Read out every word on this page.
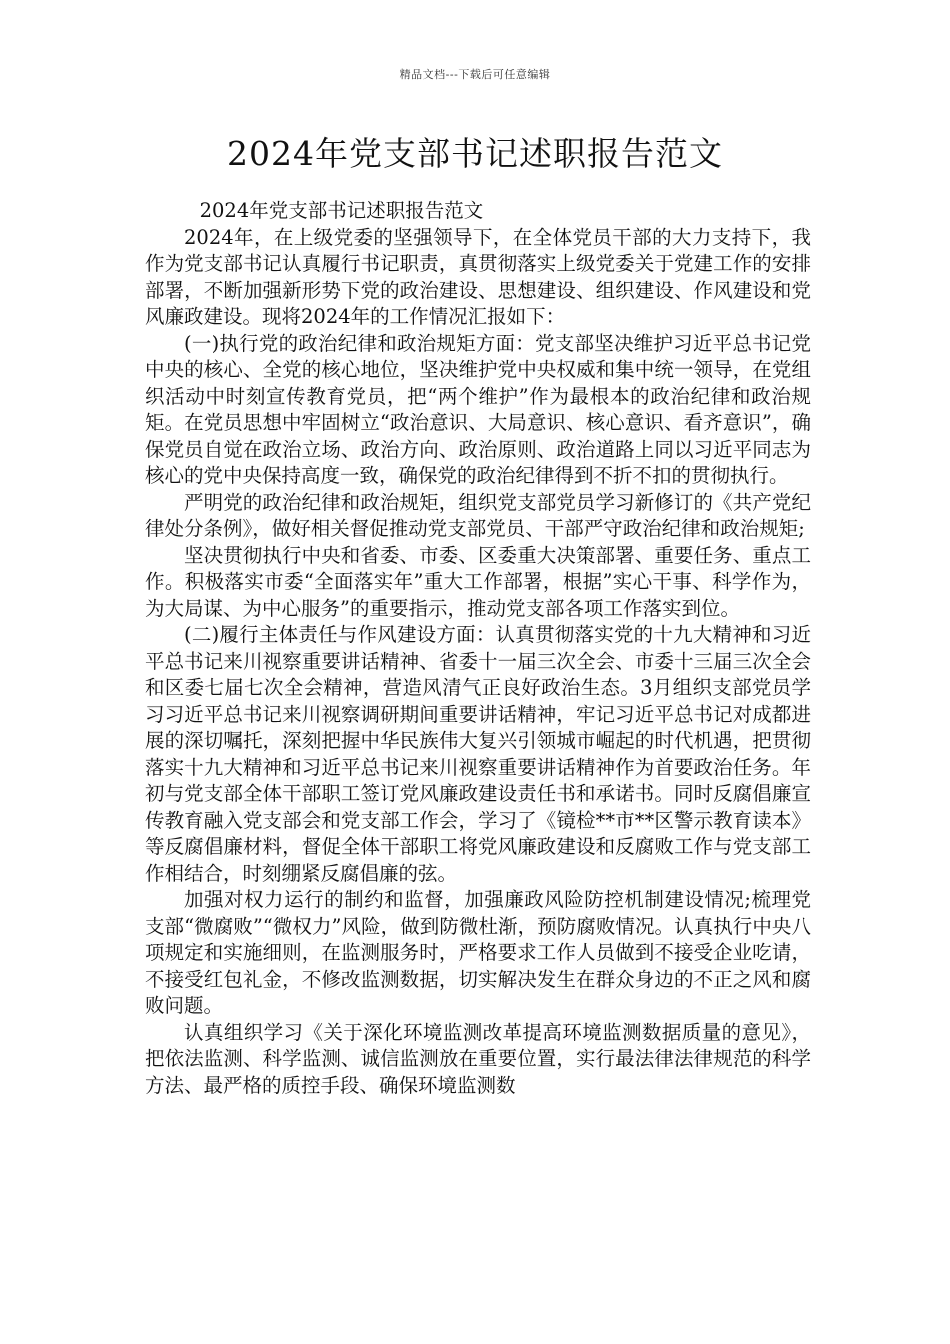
精品文档---下载后可任意编辑
2024年党支部书记述职报告范文

2024年党支部书记述职报告范文

2024年，在上级党委的坚强领导下，在全体党员干部的大力支持下，我作为党支部书记认真履行书记职责，真贯彻落实上级党委关于党建工作的安排部署，不断加强新形势下党的政治建设、思想建设、组织建设、作风建设和党风廉政建设。现将2024年的工作情况汇报如下：

(一)执行党的政治纪律和政治规矩方面：党支部坚决维护习近平总书记党中央的核心、全党的核心地位，坚决维护党中央权威和集中统一领导，在党组织活动中时刻宣传教育党员，把“两个维护”作为最根本的政治纪律和政治规矩。在党员思想中牢固树立“政治意识、大局意识、核心意识、看齐意识”，确保党员自觉在政治立场、政治方向、政治原则、政治道路上同以习近平同志为核心的党中央保持高度一致，确保党的政治纪律得到不折不扣的贯彻执行。

严明党的政治纪律和政治规矩，组织党支部党员学习新修订的《共产党纪律处分条例》，做好相关督促推动党支部党员、干部严守政治纪律和政治规矩;

坚决贯彻执行中央和省委、市委、区委重大决策部署、重要任务、重点工作。积极落实市委“全面落实年”重大工作部署，根据”实心干事、科学作为，为大局谋、为中心服务”的重要指示，推动党支部各项工作落实到位。

(二)履行主体责任与作风建设方面：认真贯彻落实党的十九大精神和习近平总书记来川视察重要讲话精神、省委十一届三次全会、市委十三届三次全会和区委七届七次全会精神，营造风清气正良好政治生态。3月组织支部党员学习习近平总书记来川视察调研期间重要讲话精神，牢记习近平总书记对成都进展的深切嘱托，深刻把握中华民族伟大复兴引领城市崛起的时代机遇，把贯彻落实十九大精神和习近平总书记来川视察重要讲话精神作为首要政治任务。年初与党支部全体干部职工签订党风廉政建设责任书和承诺书。同时反腐倡廉宣传教育融入党支部会和党支部工作会，学习了《镜检**市**区警示教育读本》等反腐倡廉材料，督促全体干部职工将党风廉政建设和反腐败工作与党支部工作相结合，时刻绷紧反腐倡廉的弦。

加强对权力运行的制约和监督，加强廉政风险防控机制建设情况;梳理党支部“微腐败”“微权力”风险，做到防微杜渐，预防腐败情况。认真执行中央八项规定和实施细则，在监测服务时，严格要求工作人员做到不接受企业吃请，不接受红包礼金，不修改监测数据，切实解决发生在群众身边的不正之风和腐败问题。

认真组织学习《关于深化环境监测改革提高环境监测数据质量的意见》，把依法监测、科学监测、诚信监测放在重要位置，实行最法律法律规范的科学方法、最严格的质控手段、确保环境监测数
